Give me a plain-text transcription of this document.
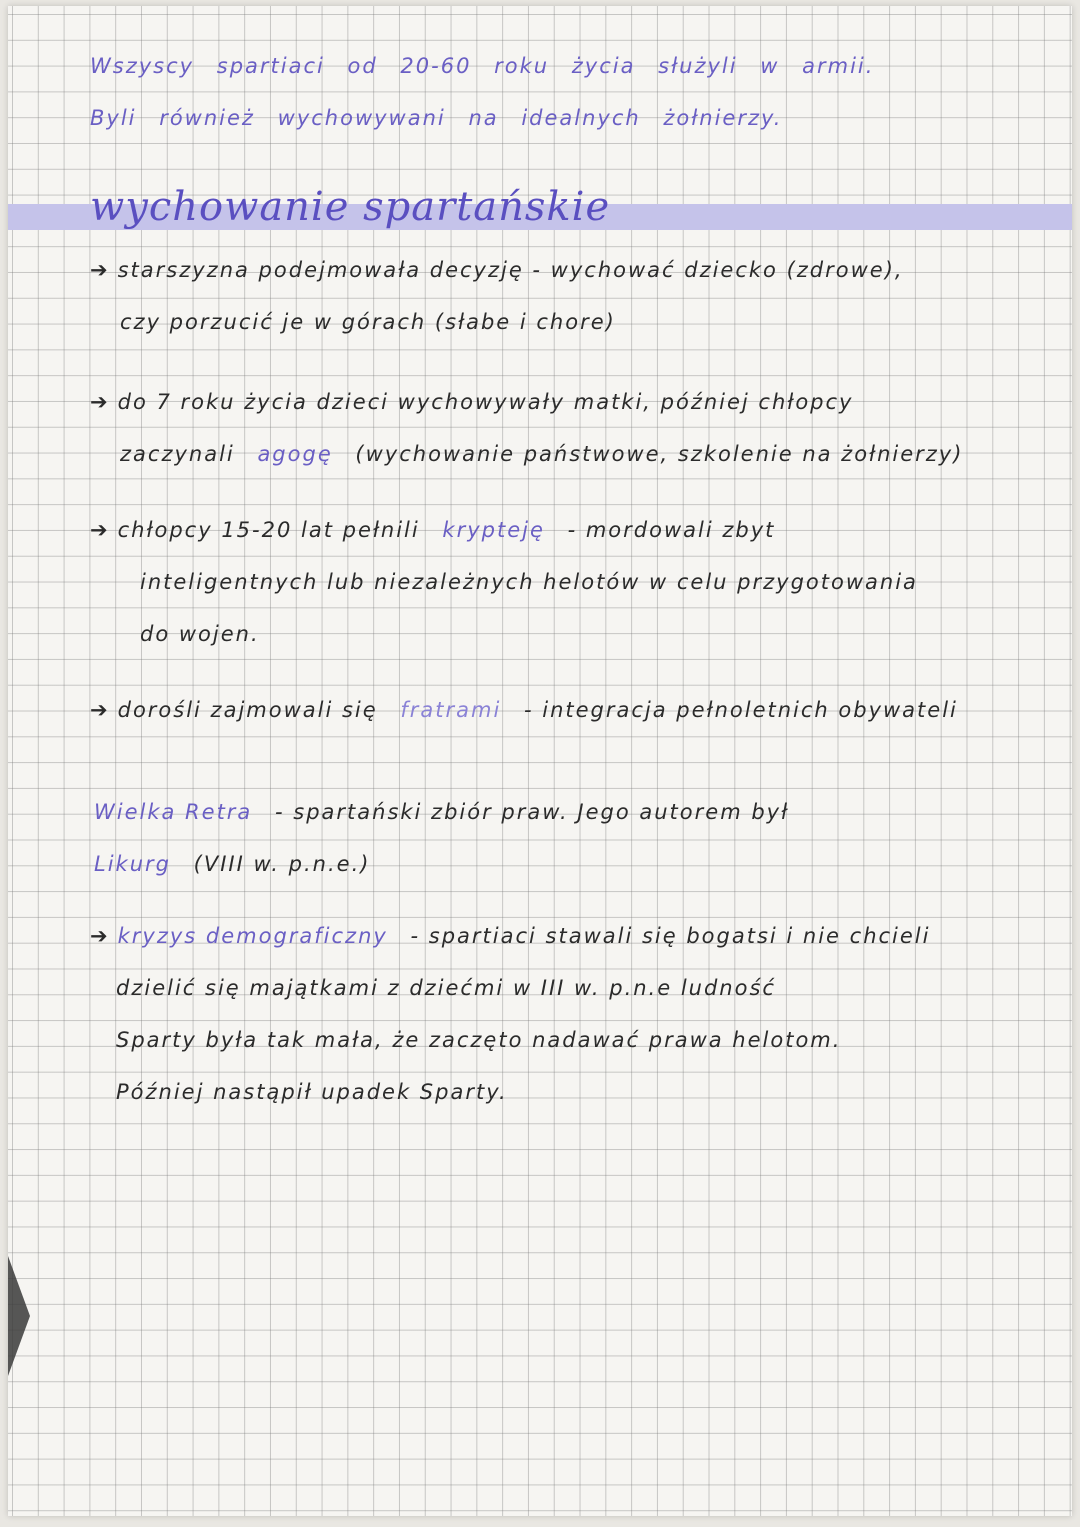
Wszyscy spartiaci od 20-60 roku życia służyli w armii.
Byli również wychowywani na idealnych żołnierzy.
wychowanie spartańskie
➔ starszyzna podejmowała decyzję - wychować dziecko (zdrowe),
czy porzucić je w górach (słabe i chore)
➔ do 7 roku życia dzieci wychowywały matki, później chłopcy
zaczynali agogę (wychowanie państwowe, szkolenie na żołnierzy)
➔ chłopcy 15-20 lat pełnili krypteję - mordowali zbyt
inteligentnych lub niezależnych helotów w celu przygotowania
do wojen.
➔ dorośli zajmowali się fratrami - integracja pełnoletnich obywateli
Wielka Retra - spartański zbiór praw. Jego autorem był
Likurg (VIII w. p.n.e.)
➔ kryzys demograficzny - spartiaci stawali się bogatsi i nie chcieli
dzielić się majątkami z dziećmi w III w. p.n.e ludność
Sparty była tak mała, że zaczęto nadawać prawa helotom.
Później nastąpił upadek Sparty.
